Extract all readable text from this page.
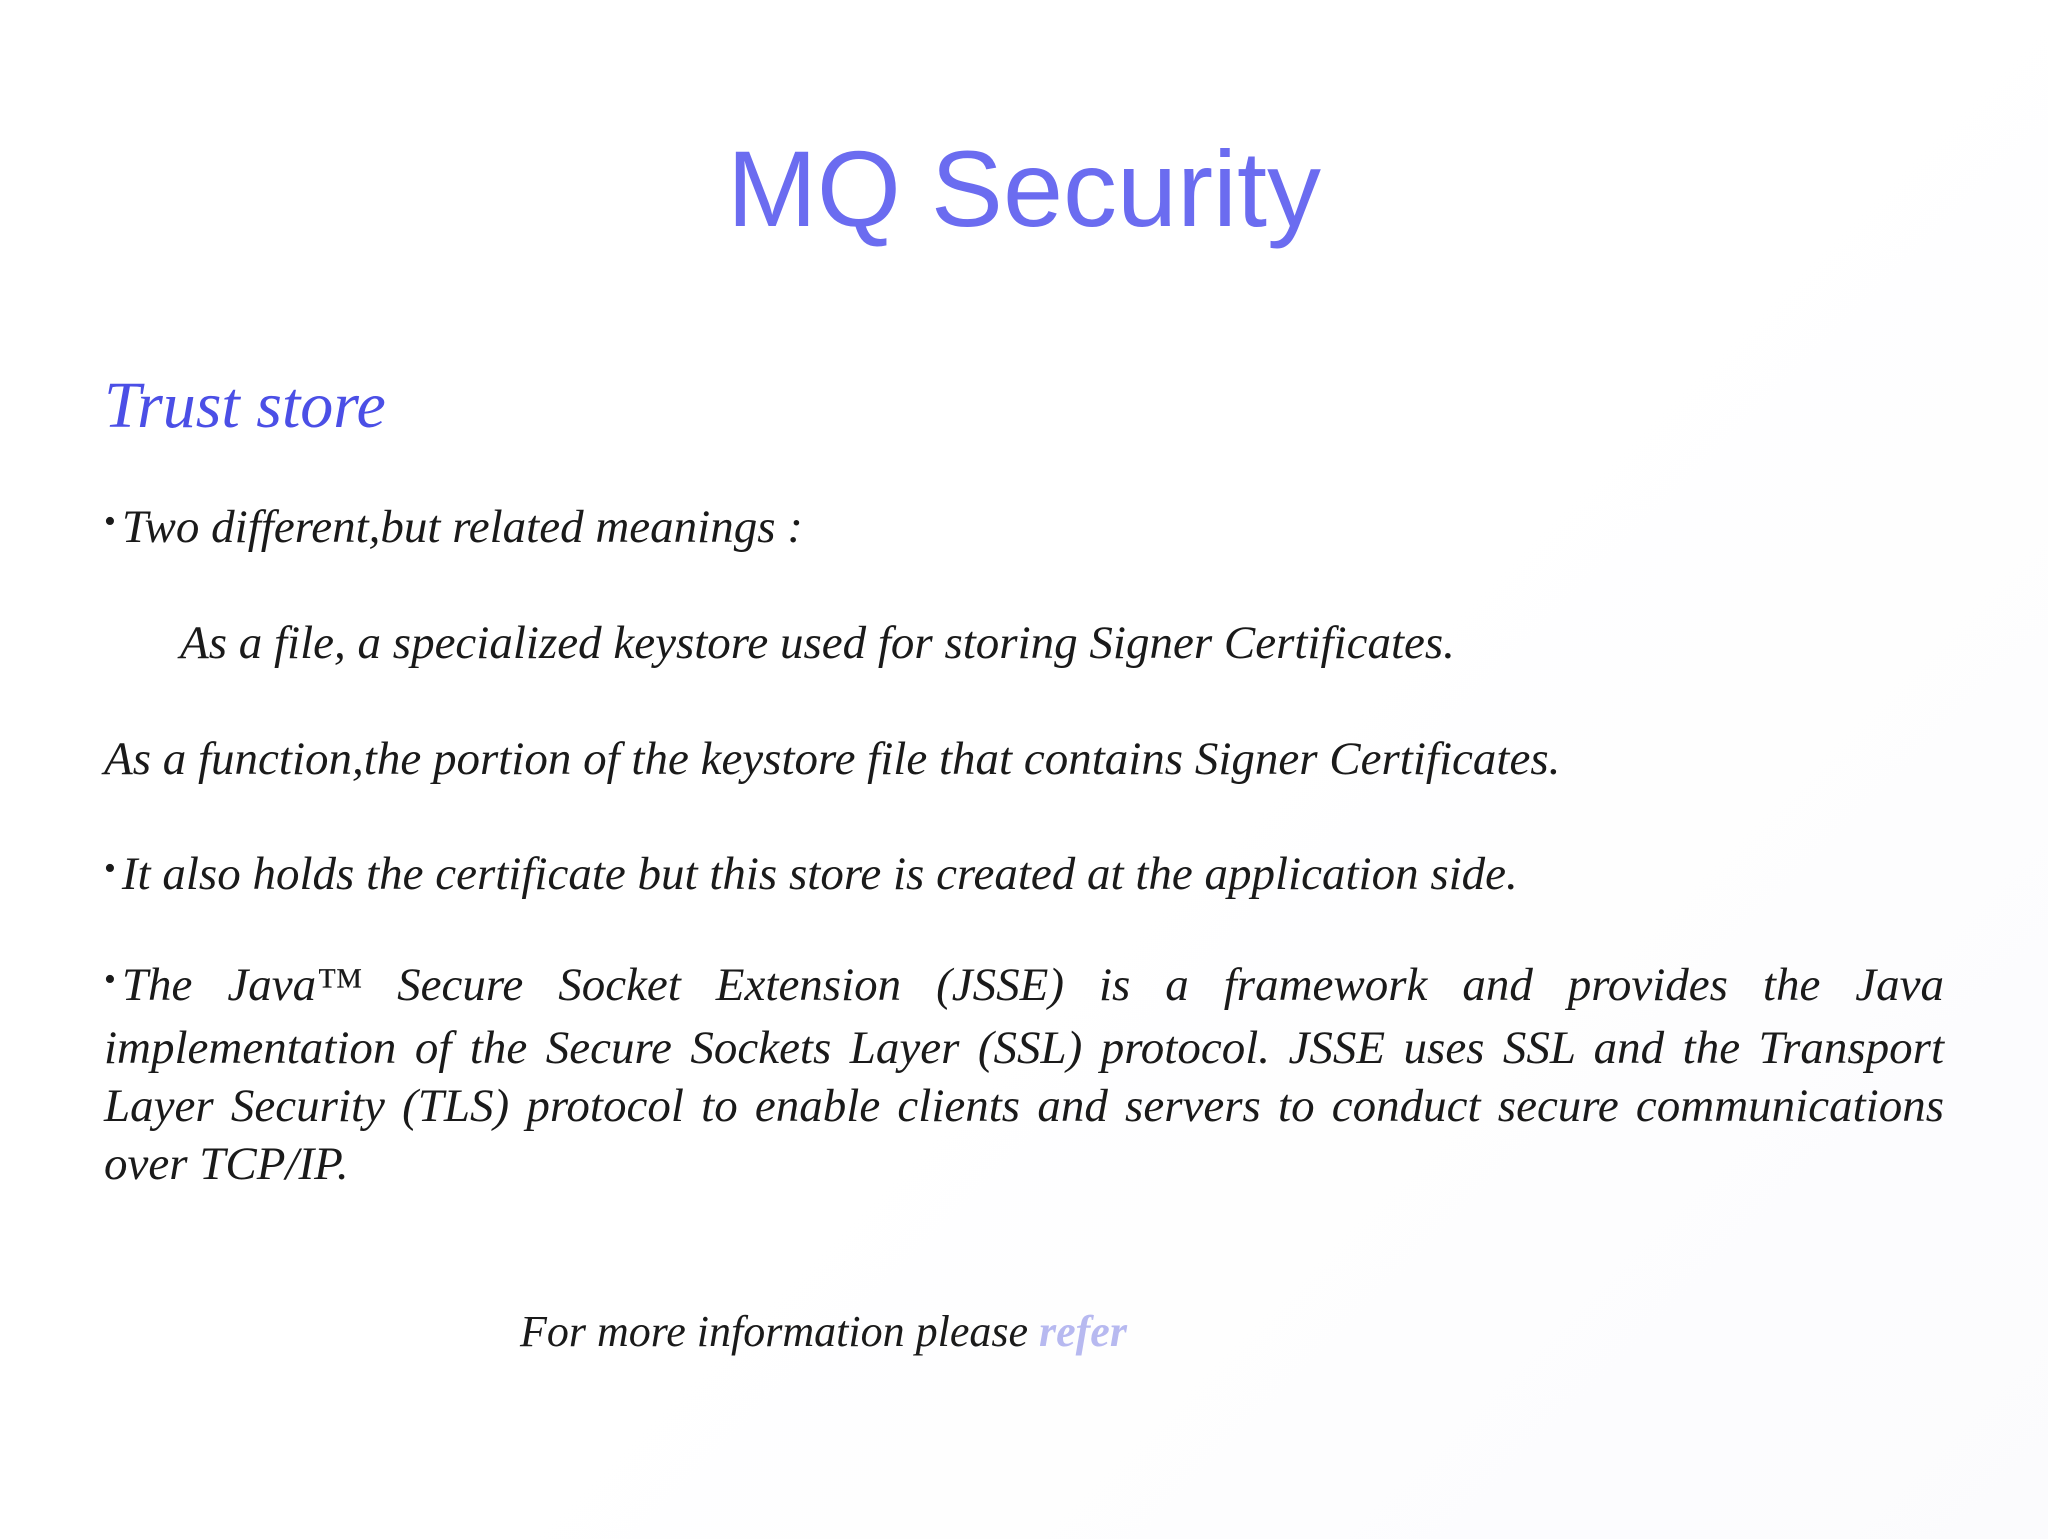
MQ Security
Trust store
• Two different,but related meanings :
As a file, a specialized keystore used for storing Signer Certificates.
As a function,the portion of the keystore file that contains Signer Certificates.
• It also holds the certificate but this store is created at the application side.
• The Java™ Secure Socket Extension (JSSE) is a framework and provides the Java implementation of the Secure Sockets Layer (SSL) protocol. JSSE uses SSL and the Transport Layer Security (TLS) protocol to enable clients and servers to conduct secure communications over TCP/IP.
For more information please refer
